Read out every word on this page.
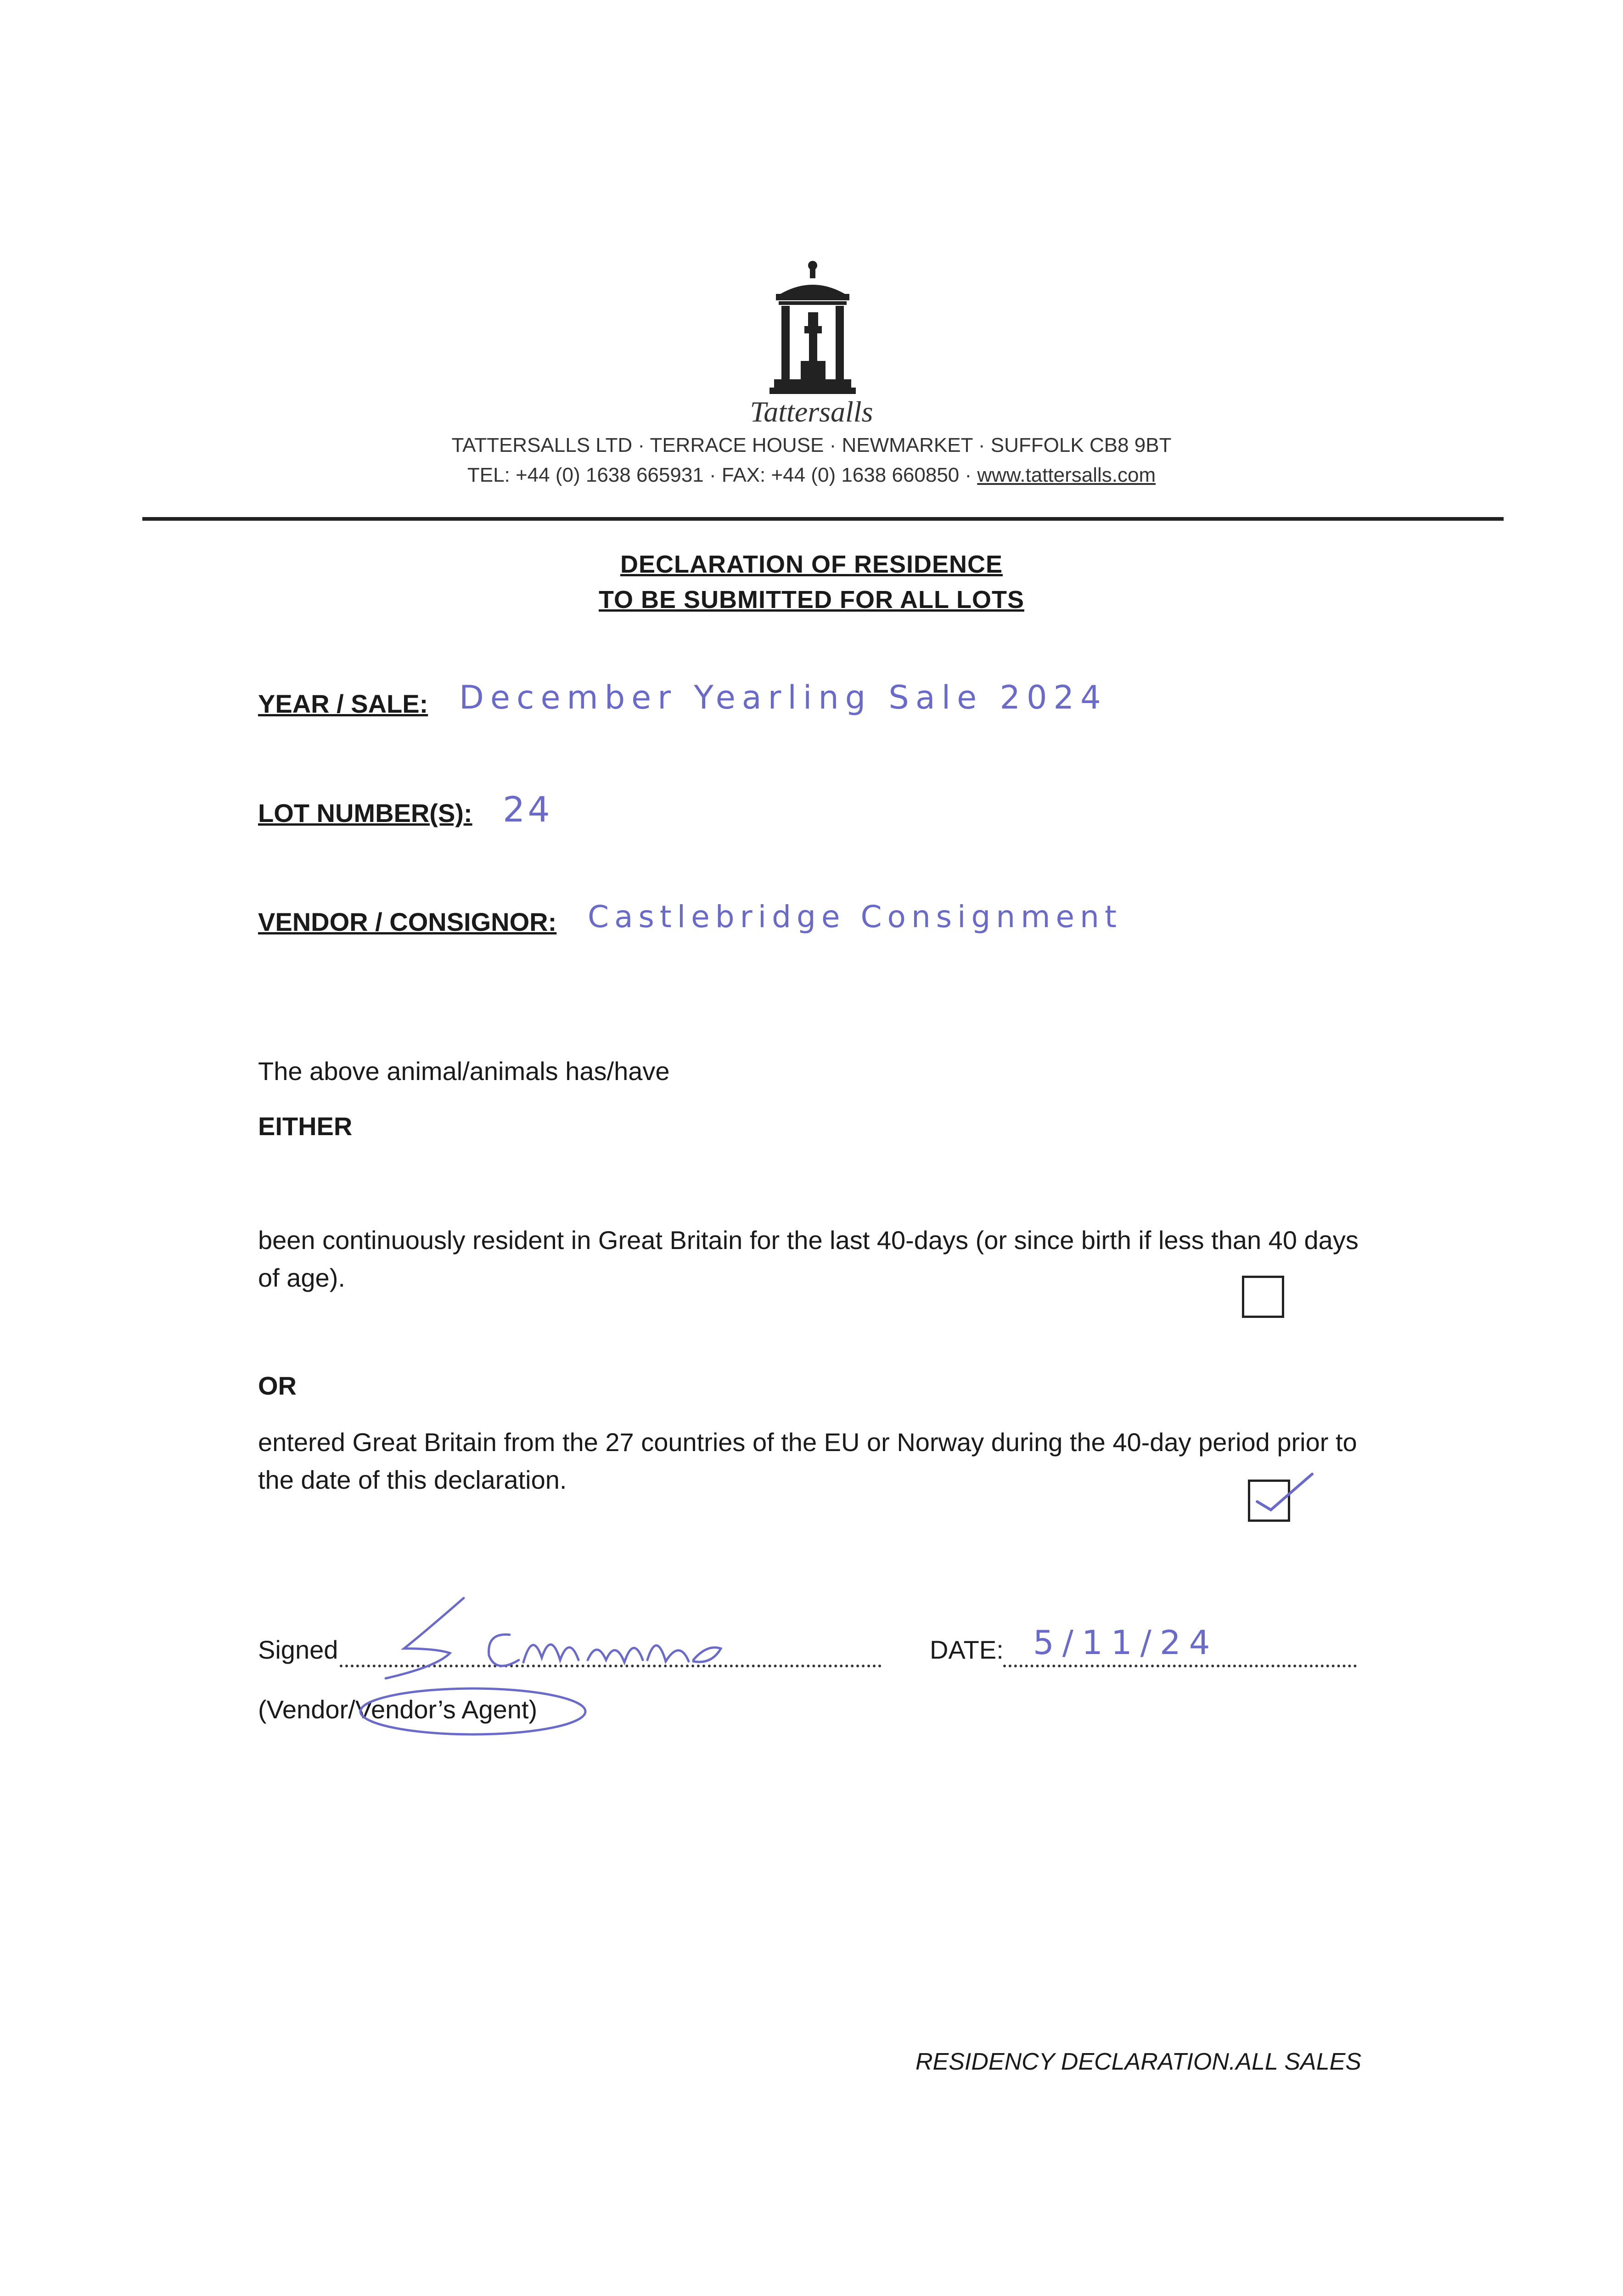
Tattersalls
TATTERSALLS LTD · TERRACE HOUSE · NEWMARKET · SUFFOLK CB8 9BT
TEL: +44 (0) 1638 665931 · FAX: +44 (0) 1638 660850 · www.tattersalls.com
DECLARATION OF RESIDENCE
TO BE SUBMITTED FOR ALL LOTS
YEAR / SALE: December Yearling Sale 2024
LOT NUMBER(S): 24
VENDOR / CONSIGNOR: Castlebridge Consignment
The above animal/animals has/have
EITHER
been continuously resident in Great Britain for the last 40-days (or since birth if less than 40 days of age).
OR
entered Great Britain from the 27 countries of the EU or Norway during the 40-day period prior to the date of this declaration.
Signed	DATE: 5/11/24
(Vendor/Vendor’s Agent)
RESIDENCY DECLARATION.ALL SALES
